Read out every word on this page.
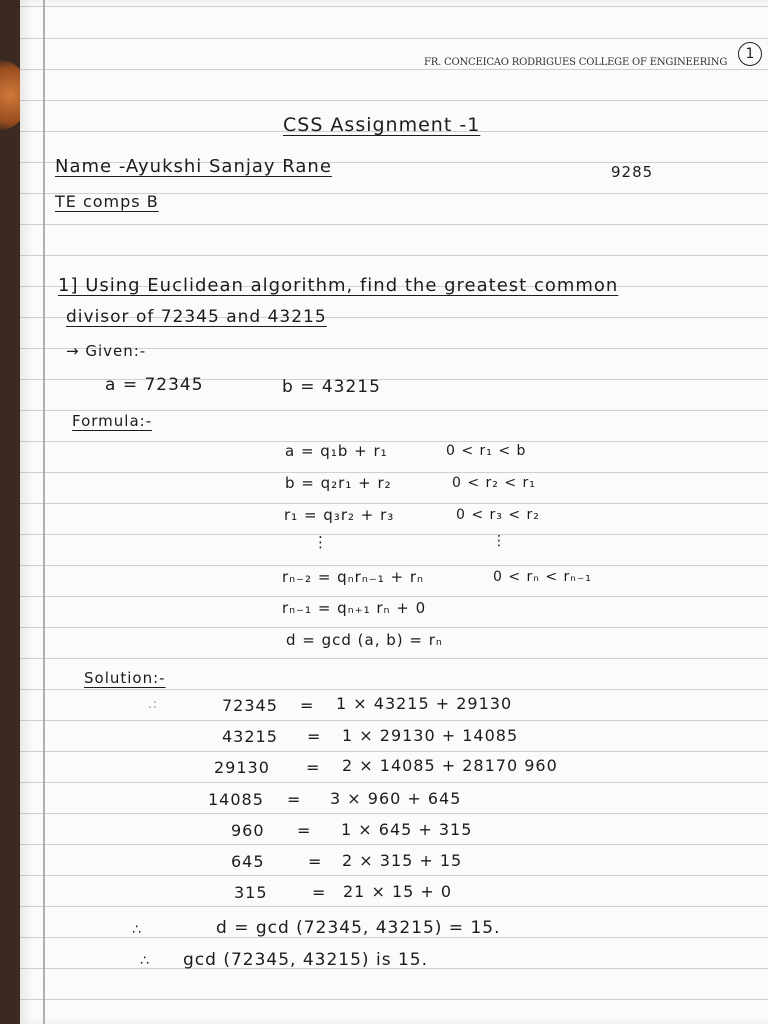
FR. CONCEICAO RODRIGUES COLLEGE OF ENGINEERING
1
CSS Assignment -1
Name -Ayukshi Sanjay Rane	9285
TE comps B
1] Using Euclidean algorithm, find the greatest common
divisor of 72345 and 43215
→ Given:-
a = 72345	b = 43215
Formula:-
a = q₁b + r₁	0 < r₁ < b
b = q₂r₁ + r₂	0 < r₂ < r₁
r₁ = q₃r₂ + r₃	0 < r₃ < r₂
⋮	⋮
rₙ₋₂ = qₙrₙ₋₁ + rₙ	0 < rₙ < rₙ₋₁
rₙ₋₁ = qₙ₊₁ rₙ + 0
d = gcd (a, b) = rₙ
Solution:-
.:	72345 = 1 × 43215 + 29130
43215 = 1 × 29130 + 14085
29130 = 2 × 14085 + 28170 960
14085 = 3 × 960 + 645
960 = 1 × 645 + 315
645	= 2 × 315 + 15
315	= 21 × 15 + 0
∴	d = gcd (72345, 43215) = 15.
∴ gcd (72345, 43215) is 15.
